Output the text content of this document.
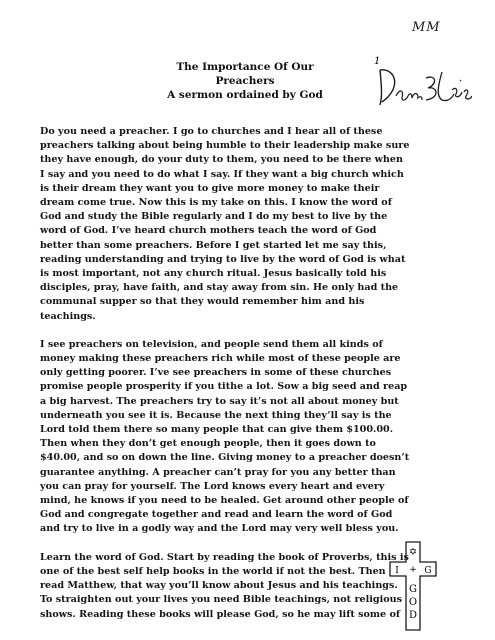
MM
1

The Importance Of Our

Preachers

A sermon ordained by God

Do you need a preacher. I go to churches and I hear all of these preachers talking about being humble to their leadership make sure they have enough, do your duty to them, you need to be there when I say and you need to do what I say. If they want a big church which is their dream they want you to give more money to make their dream come true. Now this is my take on this. I know the word of God and study the Bible regularly and I do my best to live by the word of God. I’ve heard church mothers teach the word of God better than some preachers. Before I get started let me say this, reading understanding and trying to live by the word of God is what is most important, not any church ritual. Jesus basically told his disciples, pray, have faith, and stay away from sin. He only had the communal supper so that they would remember him and his teachings.

I see preachers on television, and people send them all kinds of money making these preachers rich while most of these people are only getting poorer. I’ve see preachers in some of these churches promise people prosperity if you tithe a lot. Sow a big seed and reap a big harvest. The preachers try to say it’s not all about money but underneath you see it is. Because the next thing they’ll say is the Lord told them there so many people that can give them $100.00. Then when they don’t get enough people, then it goes down to $40.00, and so on down the line. Giving money to a preacher doesn’t guarantee anything. A preacher can’t pray for you any better than you can pray for yourself. The Lord knows every heart and every mind, he knows if you need to be healed. Get around other people of God and congregate together and read and learn the word of God and try to live in a godly way and the Lord may very well bless you.

Learn the word of God. Start by reading the book of Proverbs, this is one of the best self help books in the world if not the best. Then read Matthew, that way you’ll know about Jesus and his teachings. To straighten out your lives you need Bible teachings, not religious shows. Reading these books will please God, so he may lift some of

✡
I	G
+
G O D
